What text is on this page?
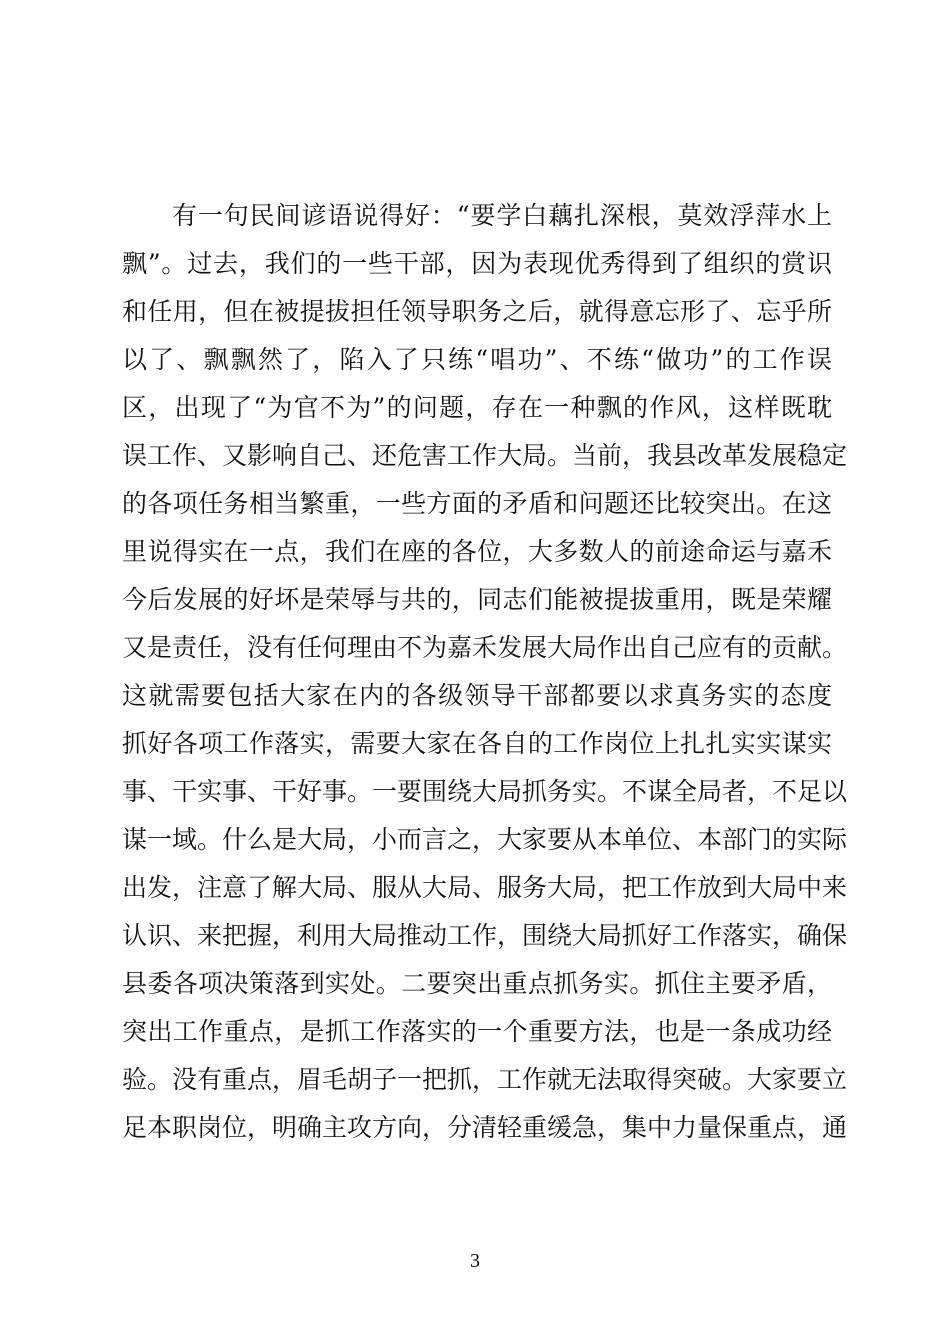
有一句民间谚语说得好：“要学白藕扎深根，莫效浮萍水上
飘”。过去，我们的一些干部，因为表现优秀得到了组织的赏识
和任用，但在被提拔担任领导职务之后，就得意忘形了、忘乎所
以了、飘飘然了，陷入了只练“唱功”、不练“做功”的工作误
区，出现了“为官不为”的问题，存在一种飘的作风，这样既耽
误工作、又影响自己、还危害工作大局。当前，我县改革发展稳定
的各项任务相当繁重，一些方面的矛盾和问题还比较突出。在这
里说得实在一点，我们在座的各位，大多数人的前途命运与嘉禾
今后发展的好坏是荣辱与共的，同志们能被提拔重用，既是荣耀
又是责任，没有任何理由不为嘉禾发展大局作出自己应有的贡献。
这就需要包括大家在内的各级领导干部都要以求真务实的态度
抓好各项工作落实，需要大家在各自的工作岗位上扎扎实实谋实
事、干实事、干好事。一要围绕大局抓务实。不谋全局者，不足以
谋一域。什么是大局，小而言之，大家要从本单位、本部门的实际
出发，注意了解大局、服从大局、服务大局，把工作放到大局中来
认识、来把握，利用大局推动工作，围绕大局抓好工作落实，确保
县委各项决策落到实处。二要突出重点抓务实。抓住主要矛盾，
突出工作重点，是抓工作落实的一个重要方法，也是一条成功经
验。没有重点，眉毛胡子一把抓，工作就无法取得突破。大家要立
足本职岗位，明确主攻方向，分清轻重缓急，集中力量保重点，通
3
